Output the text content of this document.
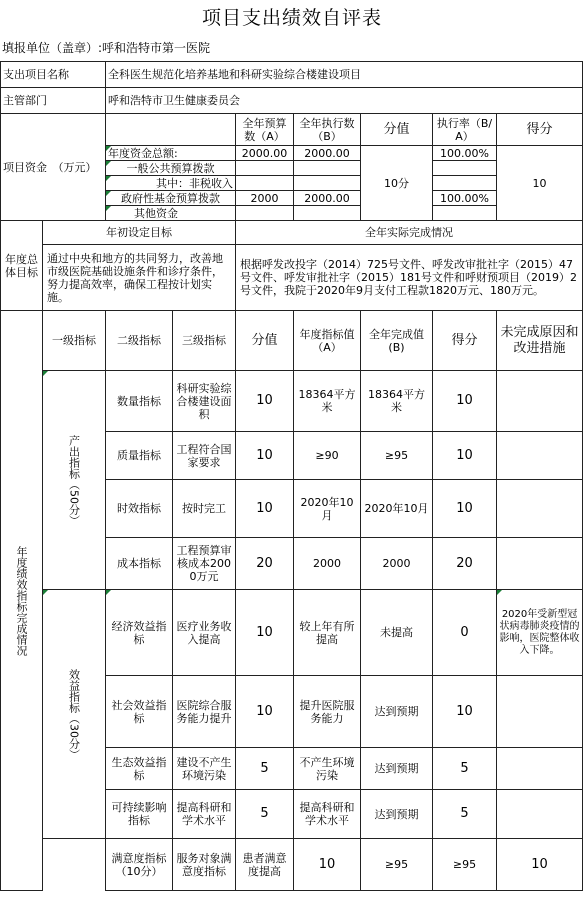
项目支出绩效自评表
填报单位（盖章）:呼和浩特市第一医院
支出项目名称		全科医生规范化培养基地和科研实验综合楼建设项目							
主管部门		呼和浩特市卫生健康委员会							
项目资金　（万元）				全年预算数（A）	全年执行数（B）	分值	执行率（B/A）	得分	
		年度资金总额:		2000.00	2000.00	10分	100.00%	10	
		一般公共预算拨款							
		其中：非税收入							
		政府性基金预算拨款		2000	2000.00		100.00%		
		其他资金							
年度总体目标	年初设定目标			全年实际完成情况					
	通过中央和地方的共同努力，改善地市级医院基础设施条件和诊疗条件，努力提高效率，确保工程按计划实施。			根据呼发改投字（2014）725号文件、呼发改审批社字（2015）47号文件、呼发审批社字（2015）181号文件和呼财预项目（2019）2号文件，我院于2020年9月支付工程款1820万元、180万元。					
年度绩效指标完成情况	一级指标	二级指标	三级指标	分值	年度指标值（A）	全年完成值(B)	得分	未完成原因和改进措施	
	产出指标（50分）	数量指标	科研实验综合楼建设面积	10	18364平方米	18364平方米	10		
		质量指标	工程符合国家要求	10	≥90	≥95	10		
		时效指标	按时完工	10	2020年10月	2020年10月	10		
		成本指标	工程预算审核成本2000万元	20	2000	2000	20		
	效益指标（30分）	经济效益指标	医疗业务收入提高	10	较上年有所提高	未提高	0	2020年受新型冠状病毒肺炎疫情的影响，医院整体收入下降。	
		社会效益指标	医院综合服务能力提升	10	提升医院服务能力	达到预期	10		
		生态效益指标	建设不产生环境污染	5	不产生环境污染	达到预期	5		
		可持续影响指标	提高科研和学术水平	5	提高科研和学术水平	达到预期	5		
		满意度指标（10分）	服务对象满意度指标	患者满意度提高	10	≥95	≥95	10	
